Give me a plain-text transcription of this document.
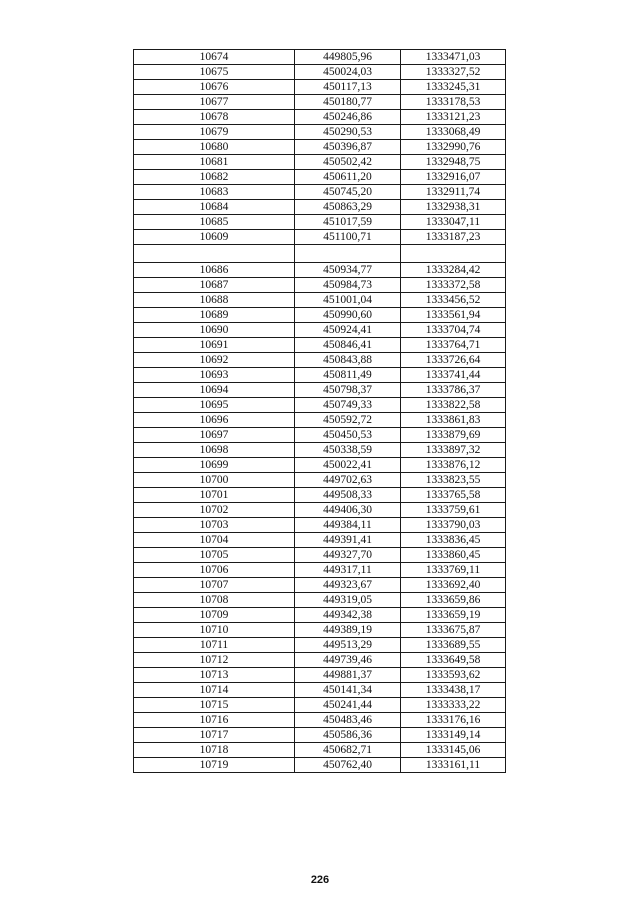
10674	449805,96	1333471,03
10675	450024,03	1333327,52
10676	450117,13	1333245,31
10677	450180,77	1333178,53
10678	450246,86	1333121,23
10679	450290,53	1333068,49
10680	450396,87	1332990,76
10681	450502,42	1332948,75
10682	450611,20	1332916,07
10683	450745,20	1332911,74
10684	450863,29	1332938,31
10685	451017,59	1333047,11
10609	451100,71	1333187,23

10686	450934,77	1333284,42
10687	450984,73	1333372,58
10688	451001,04	1333456,52
10689	450990,60	1333561,94
10690	450924,41	1333704,74
10691	450846,41	1333764,71
10692	450843,88	1333726,64
10693	450811,49	1333741,44
10694	450798,37	1333786,37
10695	450749,33	1333822,58
10696	450592,72	1333861,83
10697	450450,53	1333879,69
10698	450338,59	1333897,32
10699	450022,41	1333876,12
10700	449702,63	1333823,55
10701	449508,33	1333765,58
10702	449406,30	1333759,61
10703	449384,11	1333790,03
10704	449391,41	1333836,45
10705	449327,70	1333860,45
10706	449317,11	1333769,11
10707	449323,67	1333692,40
10708	449319,05	1333659,86
10709	449342,38	1333659,19
10710	449389,19	1333675,87
10711	449513,29	1333689,55
10712	449739,46	1333649,58
10713	449881,37	1333593,62
10714	450141,34	1333438,17
10715	450241,44	1333333,22
10716	450483,46	1333176,16
10717	450586,36	1333149,14
10718	450682,71	1333145,06
10719	450762,40	1333161,11
226
